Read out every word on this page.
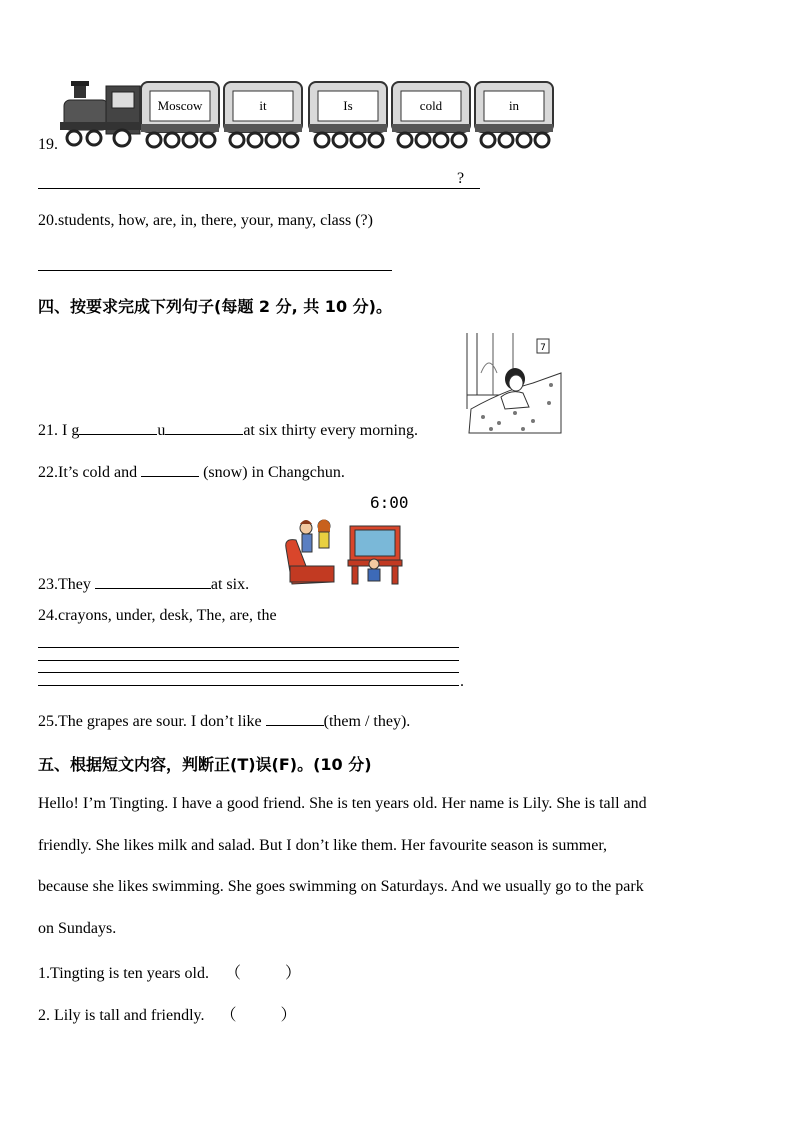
19.
Moscow	it	Is	cold	in
?
20.students, how, are, in, there, your, many, class (?)
四、按要求完成下列句子(每题 2 分, 共 10 分)。
7
21. I g	u	at six thirty every morning.
22.It’s cold and	(snow) in Changchun.
6:00
23.They	at six.
24.crayons, under, desk, The, are, the
.
25.The grapes are sour. I don’t like	(them / they).
五、根据短文内容，判断正(T)误(F)。(10 分)
Hello! I’m Tingting. I have a good friend. She is ten years old. Her name is Lily. She is tall and
friendly. She likes milk and salad. But I don’t like them. Her favourite season is summer,
because she likes swimming. She goes swimming on Saturdays. And we usually go to the park
on Sundays.
1.Tingting is ten years old. （	）
2. Lily is tall and friendly. （	）
